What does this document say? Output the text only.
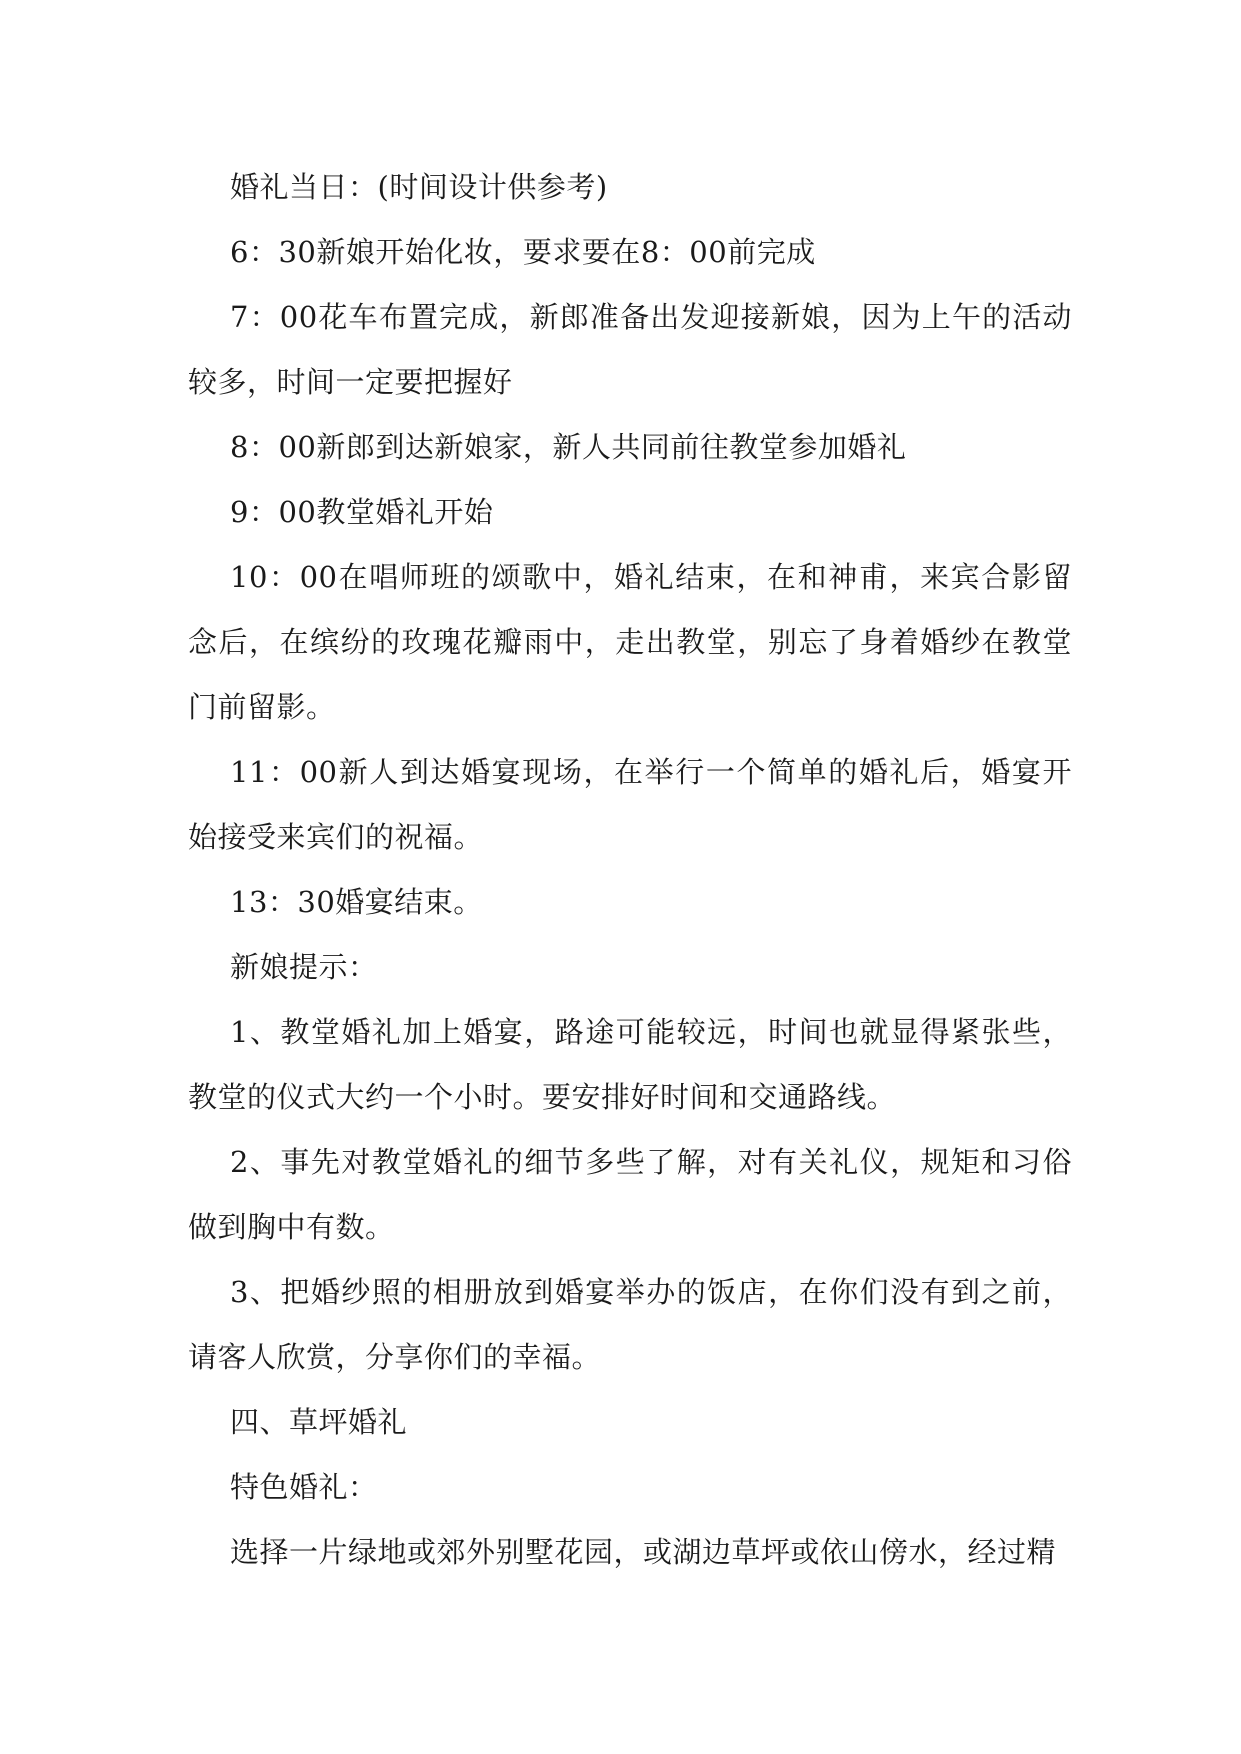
婚礼当日：(时间设计供参考)

6：30新娘开始化妆，要求要在8：00前完成

7：00花车布置完成，新郎准备出发迎接新娘，因为上午的活动较多，时间一定要把握好

8：00新郎到达新娘家，新人共同前往教堂参加婚礼

9：00教堂婚礼开始

10：00在唱师班的颂歌中，婚礼结束，在和神甫，来宾合影留念后，在缤纷的玫瑰花瓣雨中，走出教堂，别忘了身着婚纱在教堂门前留影。

11：00新人到达婚宴现场，在举行一个简单的婚礼后，婚宴开始接受来宾们的祝福。

13：30婚宴结束。

新娘提示：

1、教堂婚礼加上婚宴，路途可能较远，时间也就显得紧张些，教堂的仪式大约一个小时。要安排好时间和交通路线。

2、事先对教堂婚礼的细节多些了解，对有关礼仪，规矩和习俗做到胸中有数。

3、把婚纱照的相册放到婚宴举办的饭店，在你们没有到之前，请客人欣赏，分享你们的幸福。

四、草坪婚礼

特色婚礼：

选择一片绿地或郊外别墅花园，或湖边草坪或依山傍水，经过精
